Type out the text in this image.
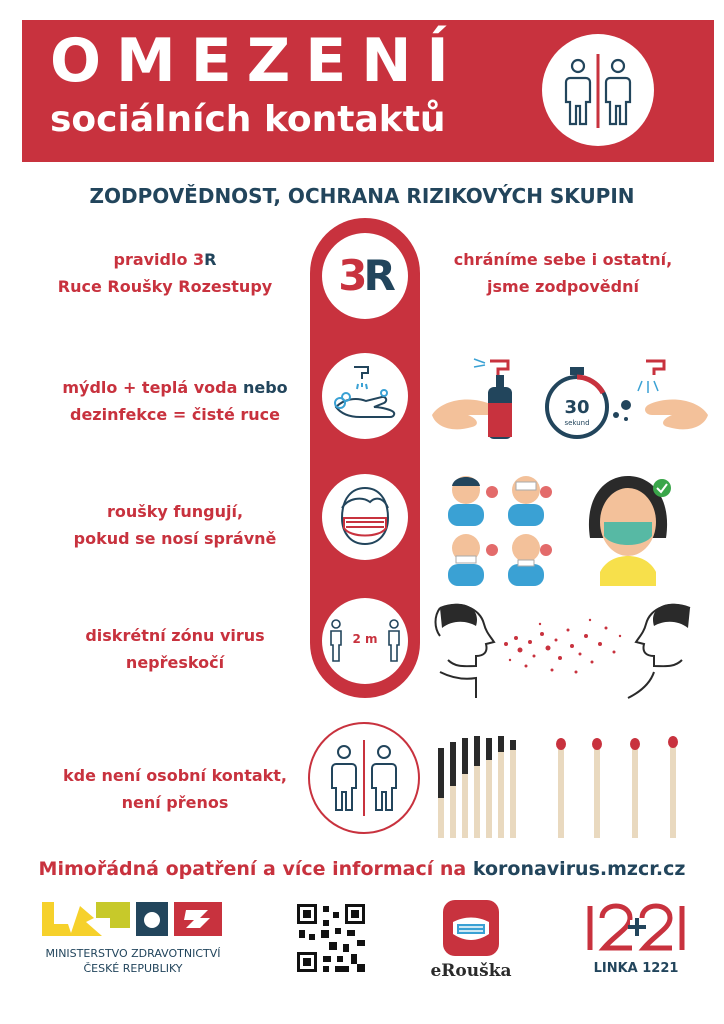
OMEZENÍ
sociálních kontaktů
ZODPOVĚDNOST, OCHRANA RIZIKOVÝCH SKUPIN
3R
pravidlo 3R
Ruce Roušky Rozestupy
chráníme sebe i ostatní,
jsme zodpovědní
mýdlo + teplá voda nebo
dezinfekce = čisté ruce	30
sekund
roušky fungují,
pokud se nosí správně
2 m
diskrétní zónu virus
nepřeskočí
kde není osobní kontakt,
není přenos
Mimořádná opatření a více informací na koronavirus.mzcr.cz
MINISTERSTVO ZDRAVOTNICTVÍ
ČESKÉ REPUBLIKY	eRouška	LINKA 1221
